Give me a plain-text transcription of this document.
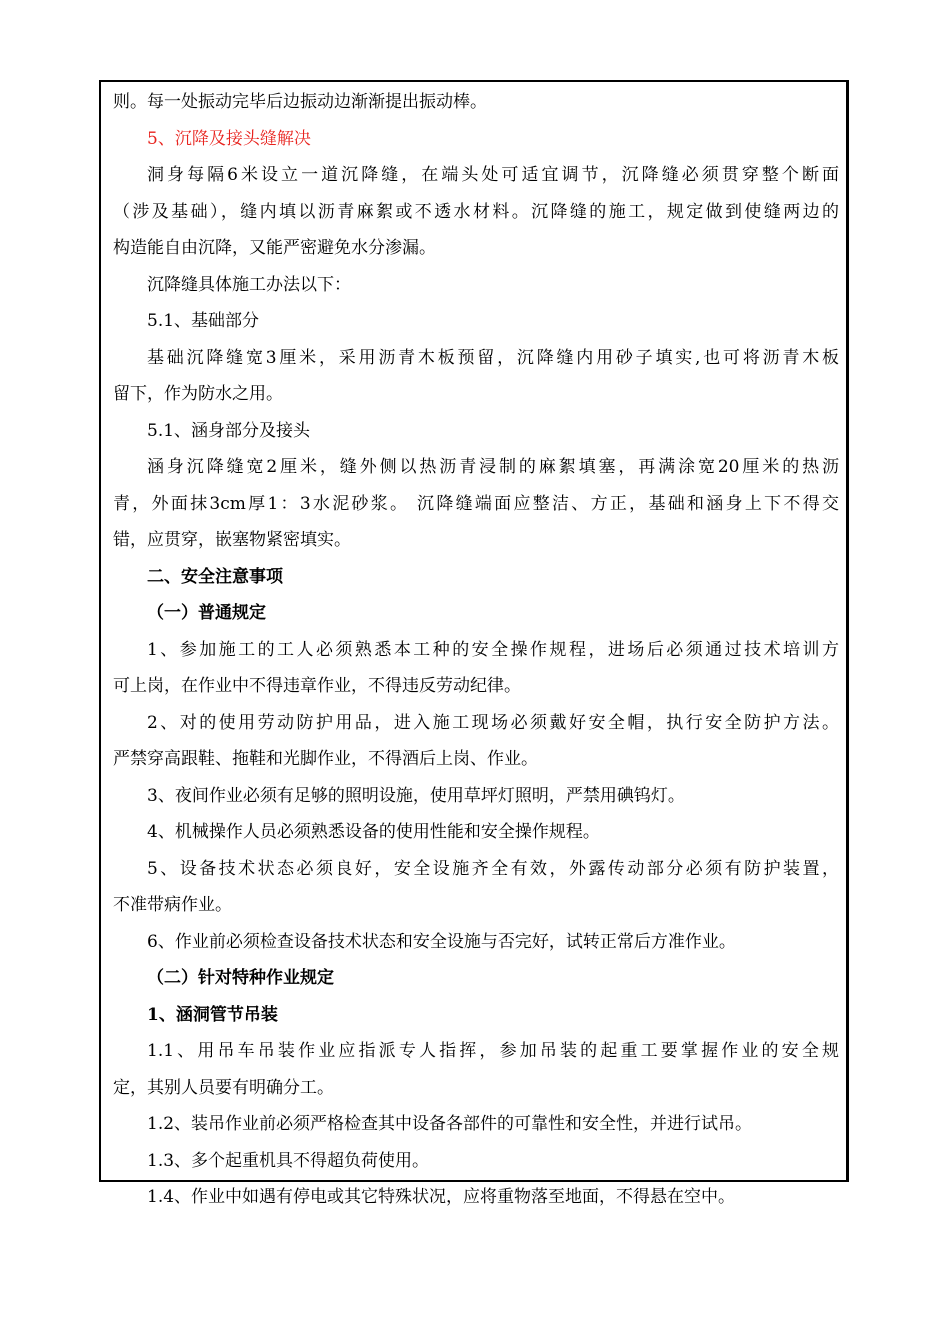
则。每一处振动完毕后边振动边渐渐提出振动棒。
5、沉降及接头缝解决
洞身每隔6米设立一道沉降缝，在端头处可适宜调节，沉降缝必须贯穿整个断面
（涉及基础），缝内填以沥青麻絮或不透水材料。沉降缝的施工，规定做到使缝两边的
构造能自由沉降，又能严密避免水分渗漏。
沉降缝具体施工办法以下：
5.1、基础部分
基础沉降缝宽3厘米，采用沥青木板预留，沉降缝内用砂子填实,也可将沥青木板
留下，作为防水之用。
5.1、涵身部分及接头
涵身沉降缝宽2厘米，缝外侧以热沥青浸制的麻絮填塞，再满涂宽20厘米的热沥
青，外面抹3cm厚1：3水泥砂浆。 沉降缝端面应整洁、方正，基础和涵身上下不得交
错，应贯穿，嵌塞物紧密填实。
二、安全注意事项
（一）普通规定
1、参加施工的工人必须熟悉本工种的安全操作规程，进场后必须通过技术培训方
可上岗，在作业中不得违章作业，不得违反劳动纪律。
2、对的使用劳动防护用品，进入施工现场必须戴好安全帽，执行安全防护方法。
严禁穿高跟鞋、拖鞋和光脚作业，不得酒后上岗、作业。
3、夜间作业必须有足够的照明设施，使用草坪灯照明，严禁用碘钨灯。
4、机械操作人员必须熟悉设备的使用性能和安全操作规程。
5、设备技术状态必须良好，安全设施齐全有效，外露传动部分必须有防护装置，
不准带病作业。
6、作业前必须检查设备技术状态和安全设施与否完好，试转正常后方准作业。
（二）针对特种作业规定
1、涵洞管节吊装
1.1、用吊车吊装作业应指派专人指挥，参加吊装的起重工要掌握作业的安全规
定，其别人员要有明确分工。
1.2、装吊作业前必须严格检查其中设备各部件的可靠性和安全性，并进行试吊。
1.3、多个起重机具不得超负荷使用。
1.4、作业中如遇有停电或其它特殊状况，应将重物落至地面，不得悬在空中。
